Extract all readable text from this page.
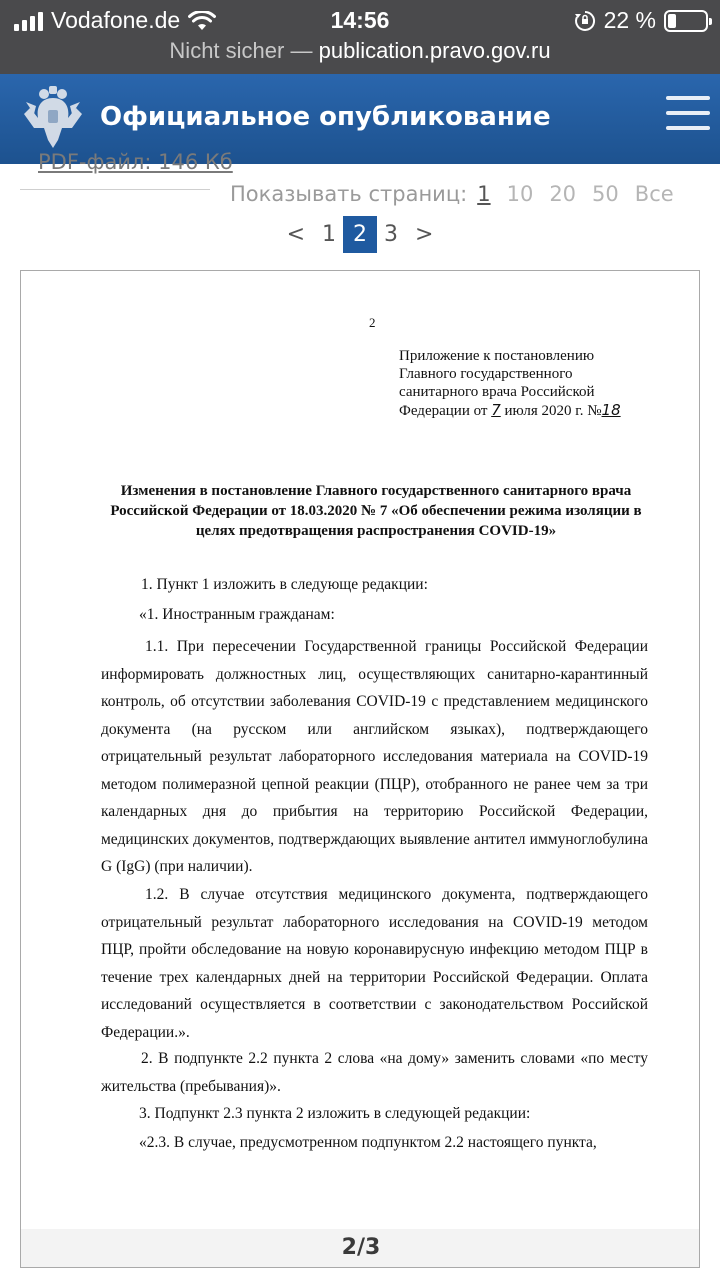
Vodafone.de	14:56	22 %
Nicht sicher — publication.pravo.gov.ru
Официальное опубликование
PDF-файл: 146 Кб
Показывать страниц: 1 10 20 50 Все
< 1 2 3 >
2
Приложение к постановлению
Главного государственного
санитарного врача Российской
Федерации от 7 июля 2020 г. №18
Изменения в постановление Главного государственного санитарного врача Российской Федерации от 18.03.2020 № 7 «Об обеспечении режима изоляции в целях предотвращения распространения COVID-19»
1. Пункт 1 изложить в следующе редакции:
«1. Иностранным гражданам:
1.1. При пересечении Государственной границы Российской Федерации информировать должностных лиц, осуществляющих санитарно-карантинный контроль, об отсутствии заболевания COVID-19 с представлением медицинского документа (на русском или английском языках), подтверждающего отрицательный результат лабораторного исследования материала на COVID-19 методом полимеразной цепной реакции (ПЦР), отобранного не ранее чем за три календарных дня до прибытия на территорию Российской Федерации, медицинских документов, подтверждающих выявление антител иммуноглобулина G (IgG) (при наличии).
1.2. В случае отсутствия медицинского документа, подтверждающего отрицательный результат лабораторного исследования на COVID-19 методом ПЦР, пройти обследование на новую коронавирусную инфекцию методом ПЦР в течение трех календарных дней на территории Российской Федерации. Оплата исследований осуществляется в соответствии с законодательством Российской Федерации.».
2. В подпункте 2.2 пункта 2 слова «на дому» заменить словами «по месту жительства (пребывания)».
3. Подпункт 2.3 пункта 2 изложить в следующей редакции:
«2.3. В случае, предусмотренном подпунктом 2.2 настоящего пункта,
2/3
